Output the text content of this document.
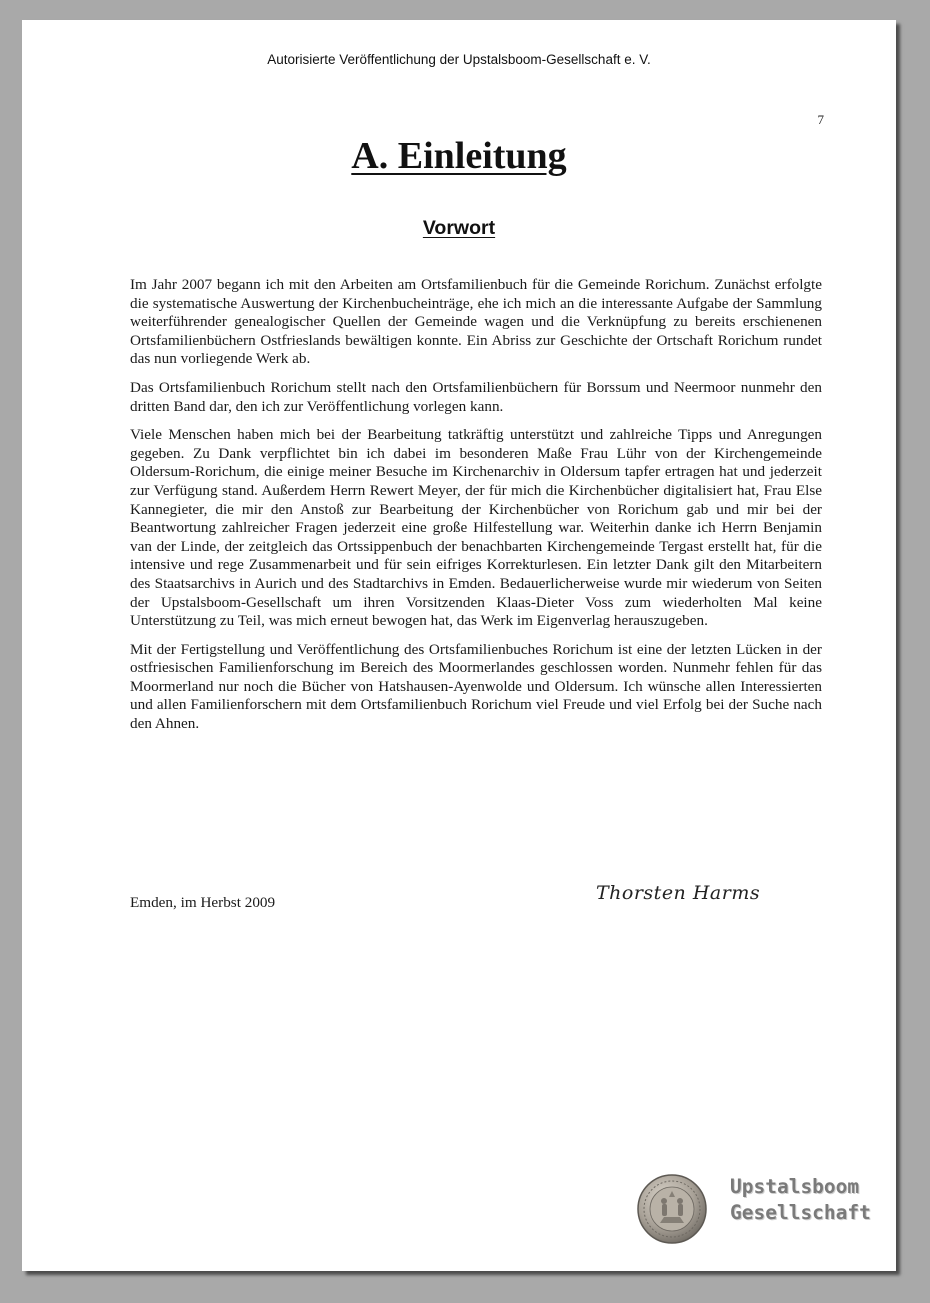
Autorisierte Veröffentlichung der Upstalsboom-Gesellschaft e. V.
7
A. Einleitung
Vorwort

Im Jahr 2007 begann ich mit den Arbeiten am Ortsfamilienbuch für die Gemeinde Rorichum. Zunächst erfolgte die systematische Auswertung der Kirchenbucheinträge, ehe ich mich an die interessante Aufgabe der Sammlung weiterführender genealogischer Quellen der Gemeinde wagen und die Verknüpfung zu bereits erschienenen Ortsfamilienbüchern Ostfrieslands bewältigen konnte. Ein Abriss zur Geschichte der Ortschaft Rorichum rundet das nun vorliegende Werk ab.

Das Ortsfamilienbuch Rorichum stellt nach den Ortsfamilienbüchern für Borssum und Neermoor nunmehr den dritten Band dar, den ich zur Veröffentlichung vorlegen kann.

Viele Menschen haben mich bei der Bearbeitung tatkräftig unterstützt und zahlreiche Tipps und Anregungen gegeben. Zu Dank verpflichtet bin ich dabei im besonderen Maße Frau Lühr von der Kirchengemeinde Oldersum-Rorichum, die einige meiner Besuche im Kirchenarchiv in Oldersum tapfer ertragen hat und jederzeit zur Verfügung stand. Außerdem Herrn Rewert Meyer, der für mich die Kirchenbücher digitalisiert hat, Frau Else Kannegieter, die mir den Anstoß zur Bearbeitung der Kirchenbücher von Rorichum gab und mir bei der Beantwortung zahlreicher Fragen jederzeit eine große Hilfestellung war. Weiterhin danke ich Herrn Benjamin van der Linde, der zeitgleich das Ortssippenbuch der benachbarten Kirchengemeinde Tergast erstellt hat, für die intensive und rege Zusammenarbeit und für sein eifriges Korrekturlesen. Ein letzter Dank gilt den Mitarbeitern des Staatsarchivs in Aurich und des Stadtarchivs in Emden. Bedauerlicherweise wurde mir wiederum von Seiten der Upstalsboom-Gesellschaft um ihren Vorsitzenden Klaas-Dieter Voss zum wiederholten Mal keine Unterstützung zu Teil, was mich erneut bewogen hat, das Werk im Eigenverlag herauszugeben.

Mit der Fertigstellung und Veröffentlichung des Ortsfamilienbuches Rorichum ist eine der letzten Lücken in der ostfriesischen Familienforschung im Bereich des Moormerlandes geschlossen worden. Nunmehr fehlen für das Moormerland nur noch die Bücher von Hatshausen-Ayenwolde und Oldersum. Ich wünsche allen Interessierten und allen Familienforschern mit dem Ortsfamilienbuch Rorichum viel Freude und viel Erfolg bei der Suche nach den Ahnen.

Emden, im Herbst 2009	Thorsten Harms
Upstalsboom
Gesellschaft
